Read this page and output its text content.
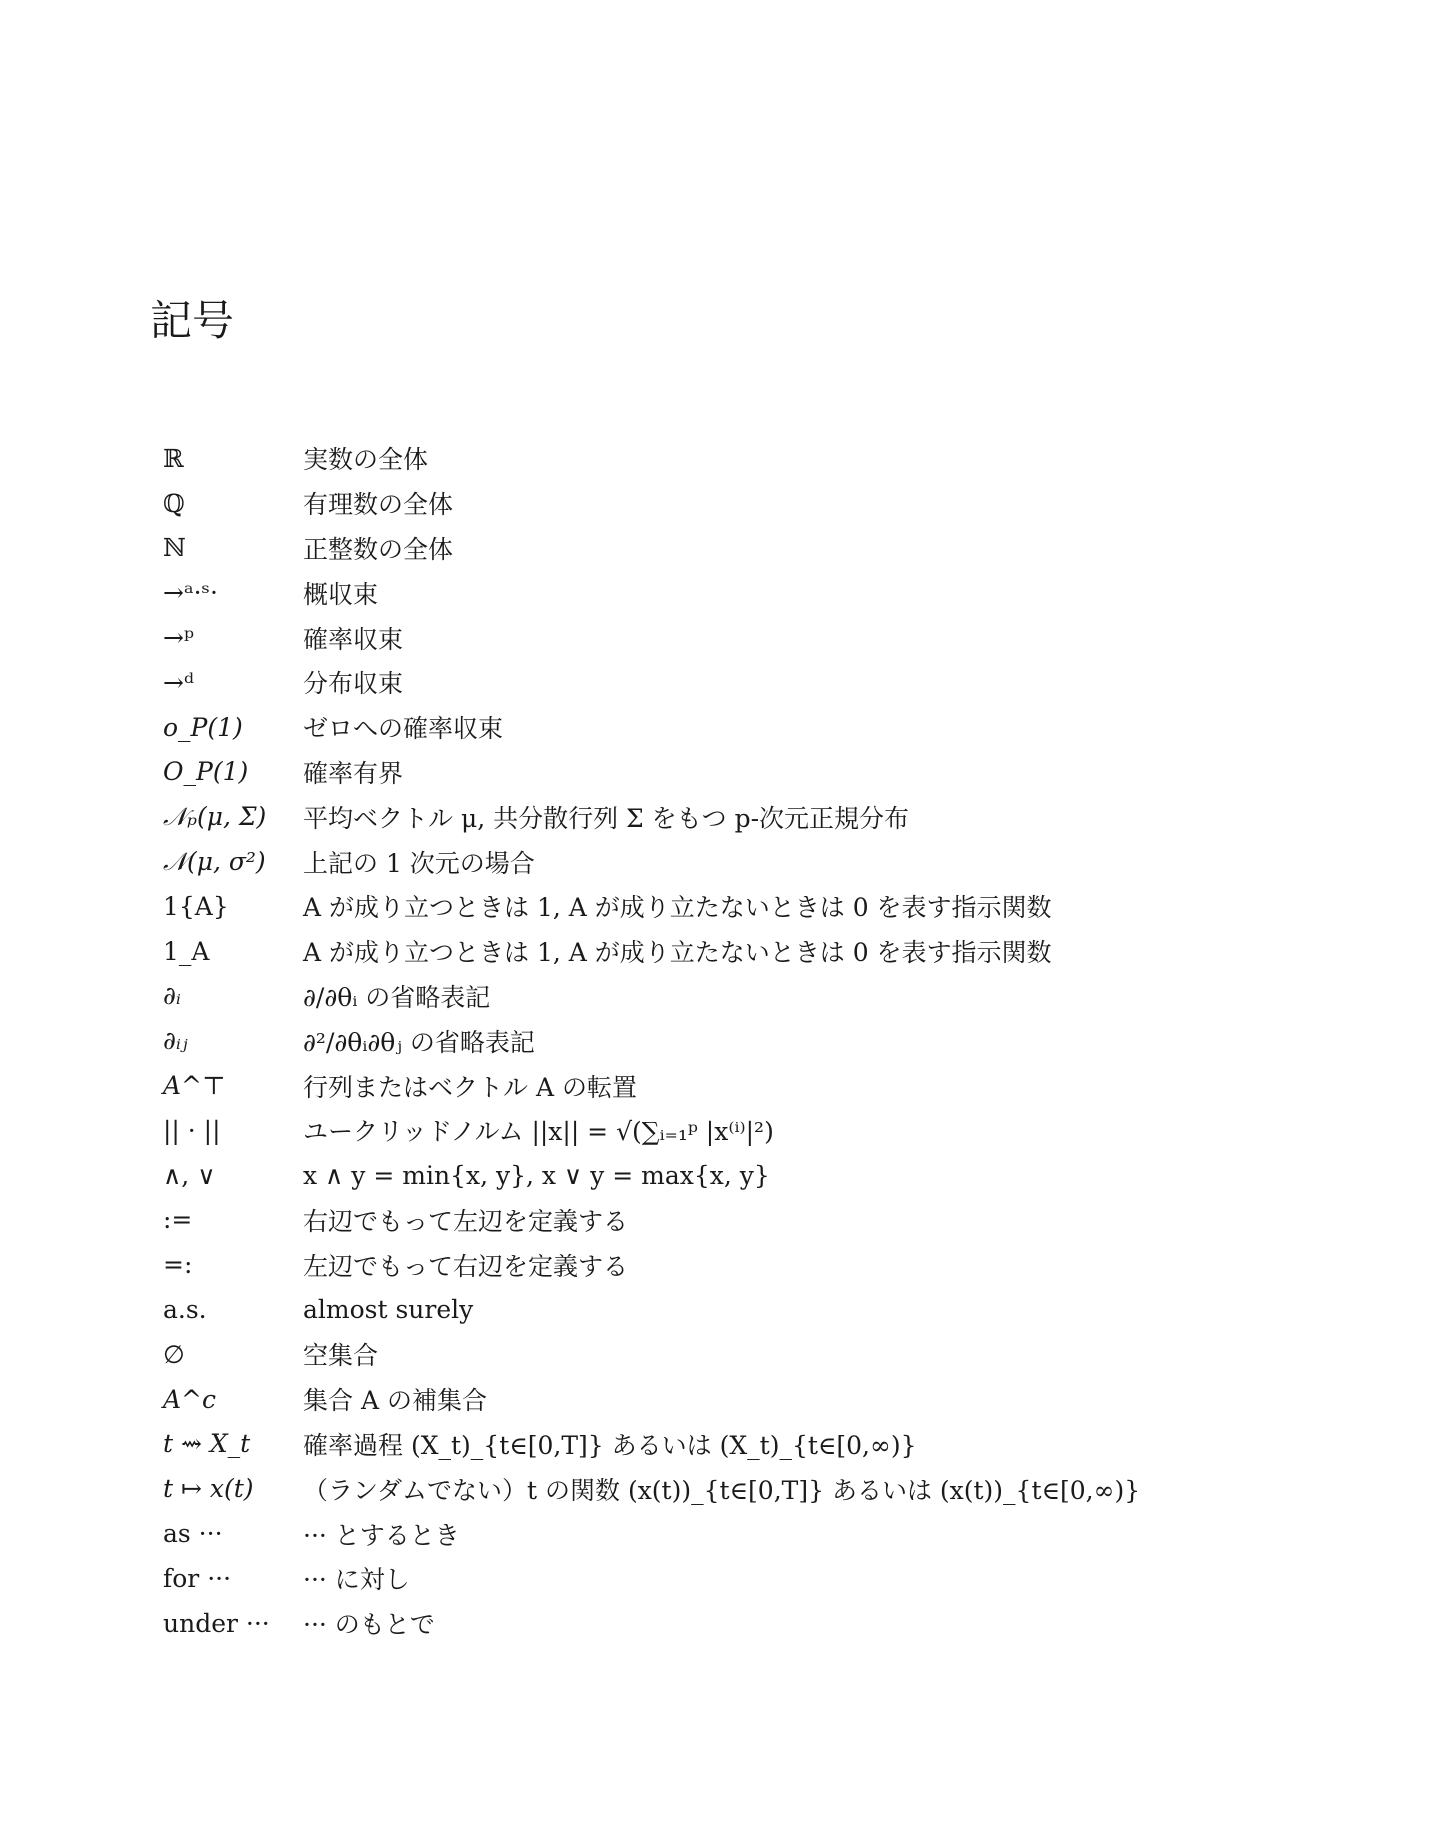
記号
ℝ	実数の全体
ℚ	有理数の全体
ℕ	正整数の全体
→ᵃ·ˢ·	概収束
→ᵖ	確率収束
→ᵈ	分布収束
o_P(1)	ゼロへの確率収束
O_P(1)	確率有界
𝒩ₚ(μ, Σ)	平均ベクトル μ, 共分散行列 Σ をもつ p-次元正規分布
𝒩(μ, σ²)	上記の 1 次元の場合
1{A}	A が成り立つときは 1, A が成り立たないときは 0 を表す指示関数
1_A	A が成り立つときは 1, A が成り立たないときは 0 を表す指示関数
∂ᵢ	∂/∂θᵢ の省略表記
∂ᵢⱼ	∂²/∂θᵢ∂θⱼ の省略表記
A^⊤	行列またはベクトル A の転置
|| · ||	ユークリッドノルム ||x|| = √(∑ᵢ₌₁ᵖ |x⁽ⁱ⁾|²)
∧, ∨	x ∧ y = min{x, y}, x ∨ y = max{x, y}
:=	右辺でもって左辺を定義する
=:	左辺でもって右辺を定義する
a.s.	almost surely
∅	空集合
A^c	集合 A の補集合
t ⇝ X_t	確率過程 (X_t)_{t∈[0,T]} あるいは (X_t)_{t∈[0,∞)}
t ↦ x(t)	（ランダムでない）t の関数 (x(t))_{t∈[0,T]} あるいは (x(t))_{t∈[0,∞)}
as ···	··· とするとき
for ···	··· に対し
under ···	··· のもとで
